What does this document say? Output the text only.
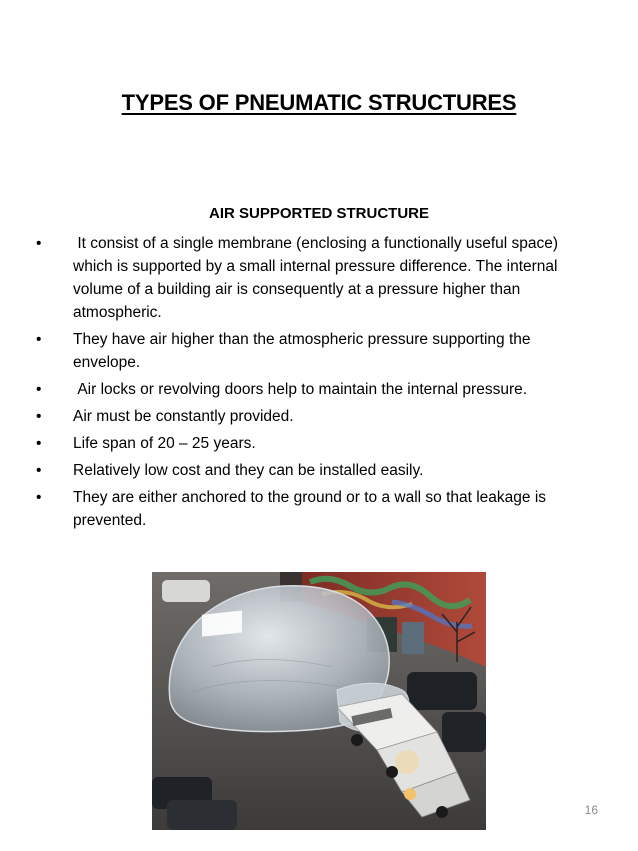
TYPES OF PNEUMATIC STRUCTURES
AIR SUPPORTED STRUCTURE
•	It consist of a single membrane (enclosing a functionally useful space) which is supported by a small internal pressure difference. The internal volume of a building air is consequently at a pressure higher than atmospheric.
•	They have air higher than the atmospheric pressure supporting the envelope.
•	Air locks or revolving doors help to maintain the internal pressure.
•	Air must be constantly provided.
•	Life span of 20 – 25 years.
•	Relatively low cost and they can be installed easily.
•	They are either anchored to the ground or to a wall so that leakage is prevented.
16
